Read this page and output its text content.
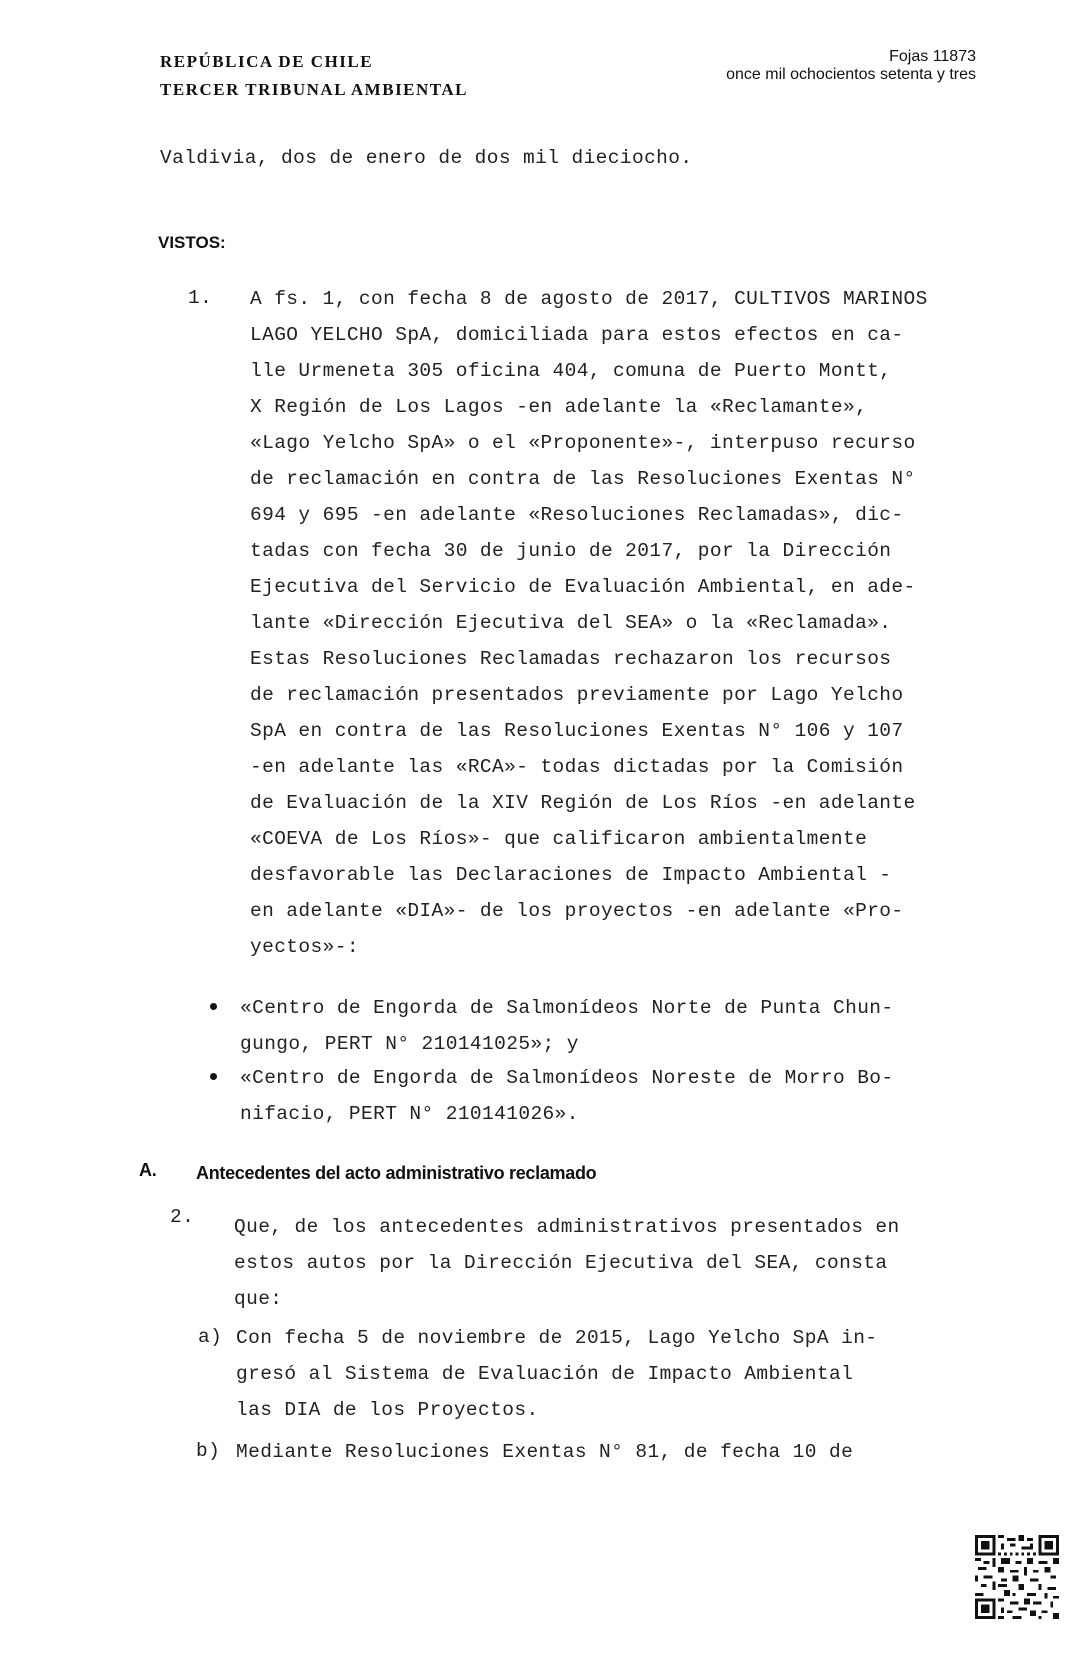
REPÚBLICA DE CHILE
TERCER TRIBUNAL AMBIENTAL
Fojas 11873
once mil ochocientos setenta y tres
Valdivia, dos de enero de dos mil dieciocho.
VISTOS:
1. A fs. 1, con fecha 8 de agosto de 2017, CULTIVOS MARINOS
LAGO YELCHO SpA, domiciliada para estos efectos en ca-
lle Urmeneta 305 oficina 404, comuna de Puerto Montt,
X Región de Los Lagos -en adelante la «Reclamante»,
«Lago Yelcho SpA» o el «Proponente»-, interpuso recurso
de reclamación en contra de las Resoluciones Exentas N°
694 y 695 -en adelante «Resoluciones Reclamadas», dic-
tadas con fecha 30 de junio de 2017, por la Dirección
Ejecutiva del Servicio de Evaluación Ambiental, en ade-
lante «Dirección Ejecutiva del SEA» o la «Reclamada».
Estas Resoluciones Reclamadas rechazaron los recursos
de reclamación presentados previamente por Lago Yelcho
SpA en contra de las Resoluciones Exentas N° 106 y 107
-en adelante las «RCA»- todas dictadas por la Comisión
de Evaluación de la XIV Región de Los Ríos -en adelante
«COEVA de Los Ríos»- que calificaron ambientalmente
desfavorable las Declaraciones de Impacto Ambiental -
en adelante «DIA»- de los proyectos -en adelante «Pro-
yectos»-:
«Centro de Engorda de Salmonídeos Norte de Punta Chun-
gungo, PERT N° 210141025»; y
«Centro de Engorda de Salmonídeos Noreste de Morro Bo-
nifacio, PERT N° 210141026».
A. Antecedentes del acto administrativo reclamado
2. Que, de los antecedentes administrativos presentados en
estos autos por la Dirección Ejecutiva del SEA, consta
que:
a) Con fecha 5 de noviembre de 2015, Lago Yelcho SpA in-
gresó al Sistema de Evaluación de Impacto Ambiental
las DIA de los Proyectos.
b) Mediante Resoluciones Exentas N° 81, de fecha 10 de
